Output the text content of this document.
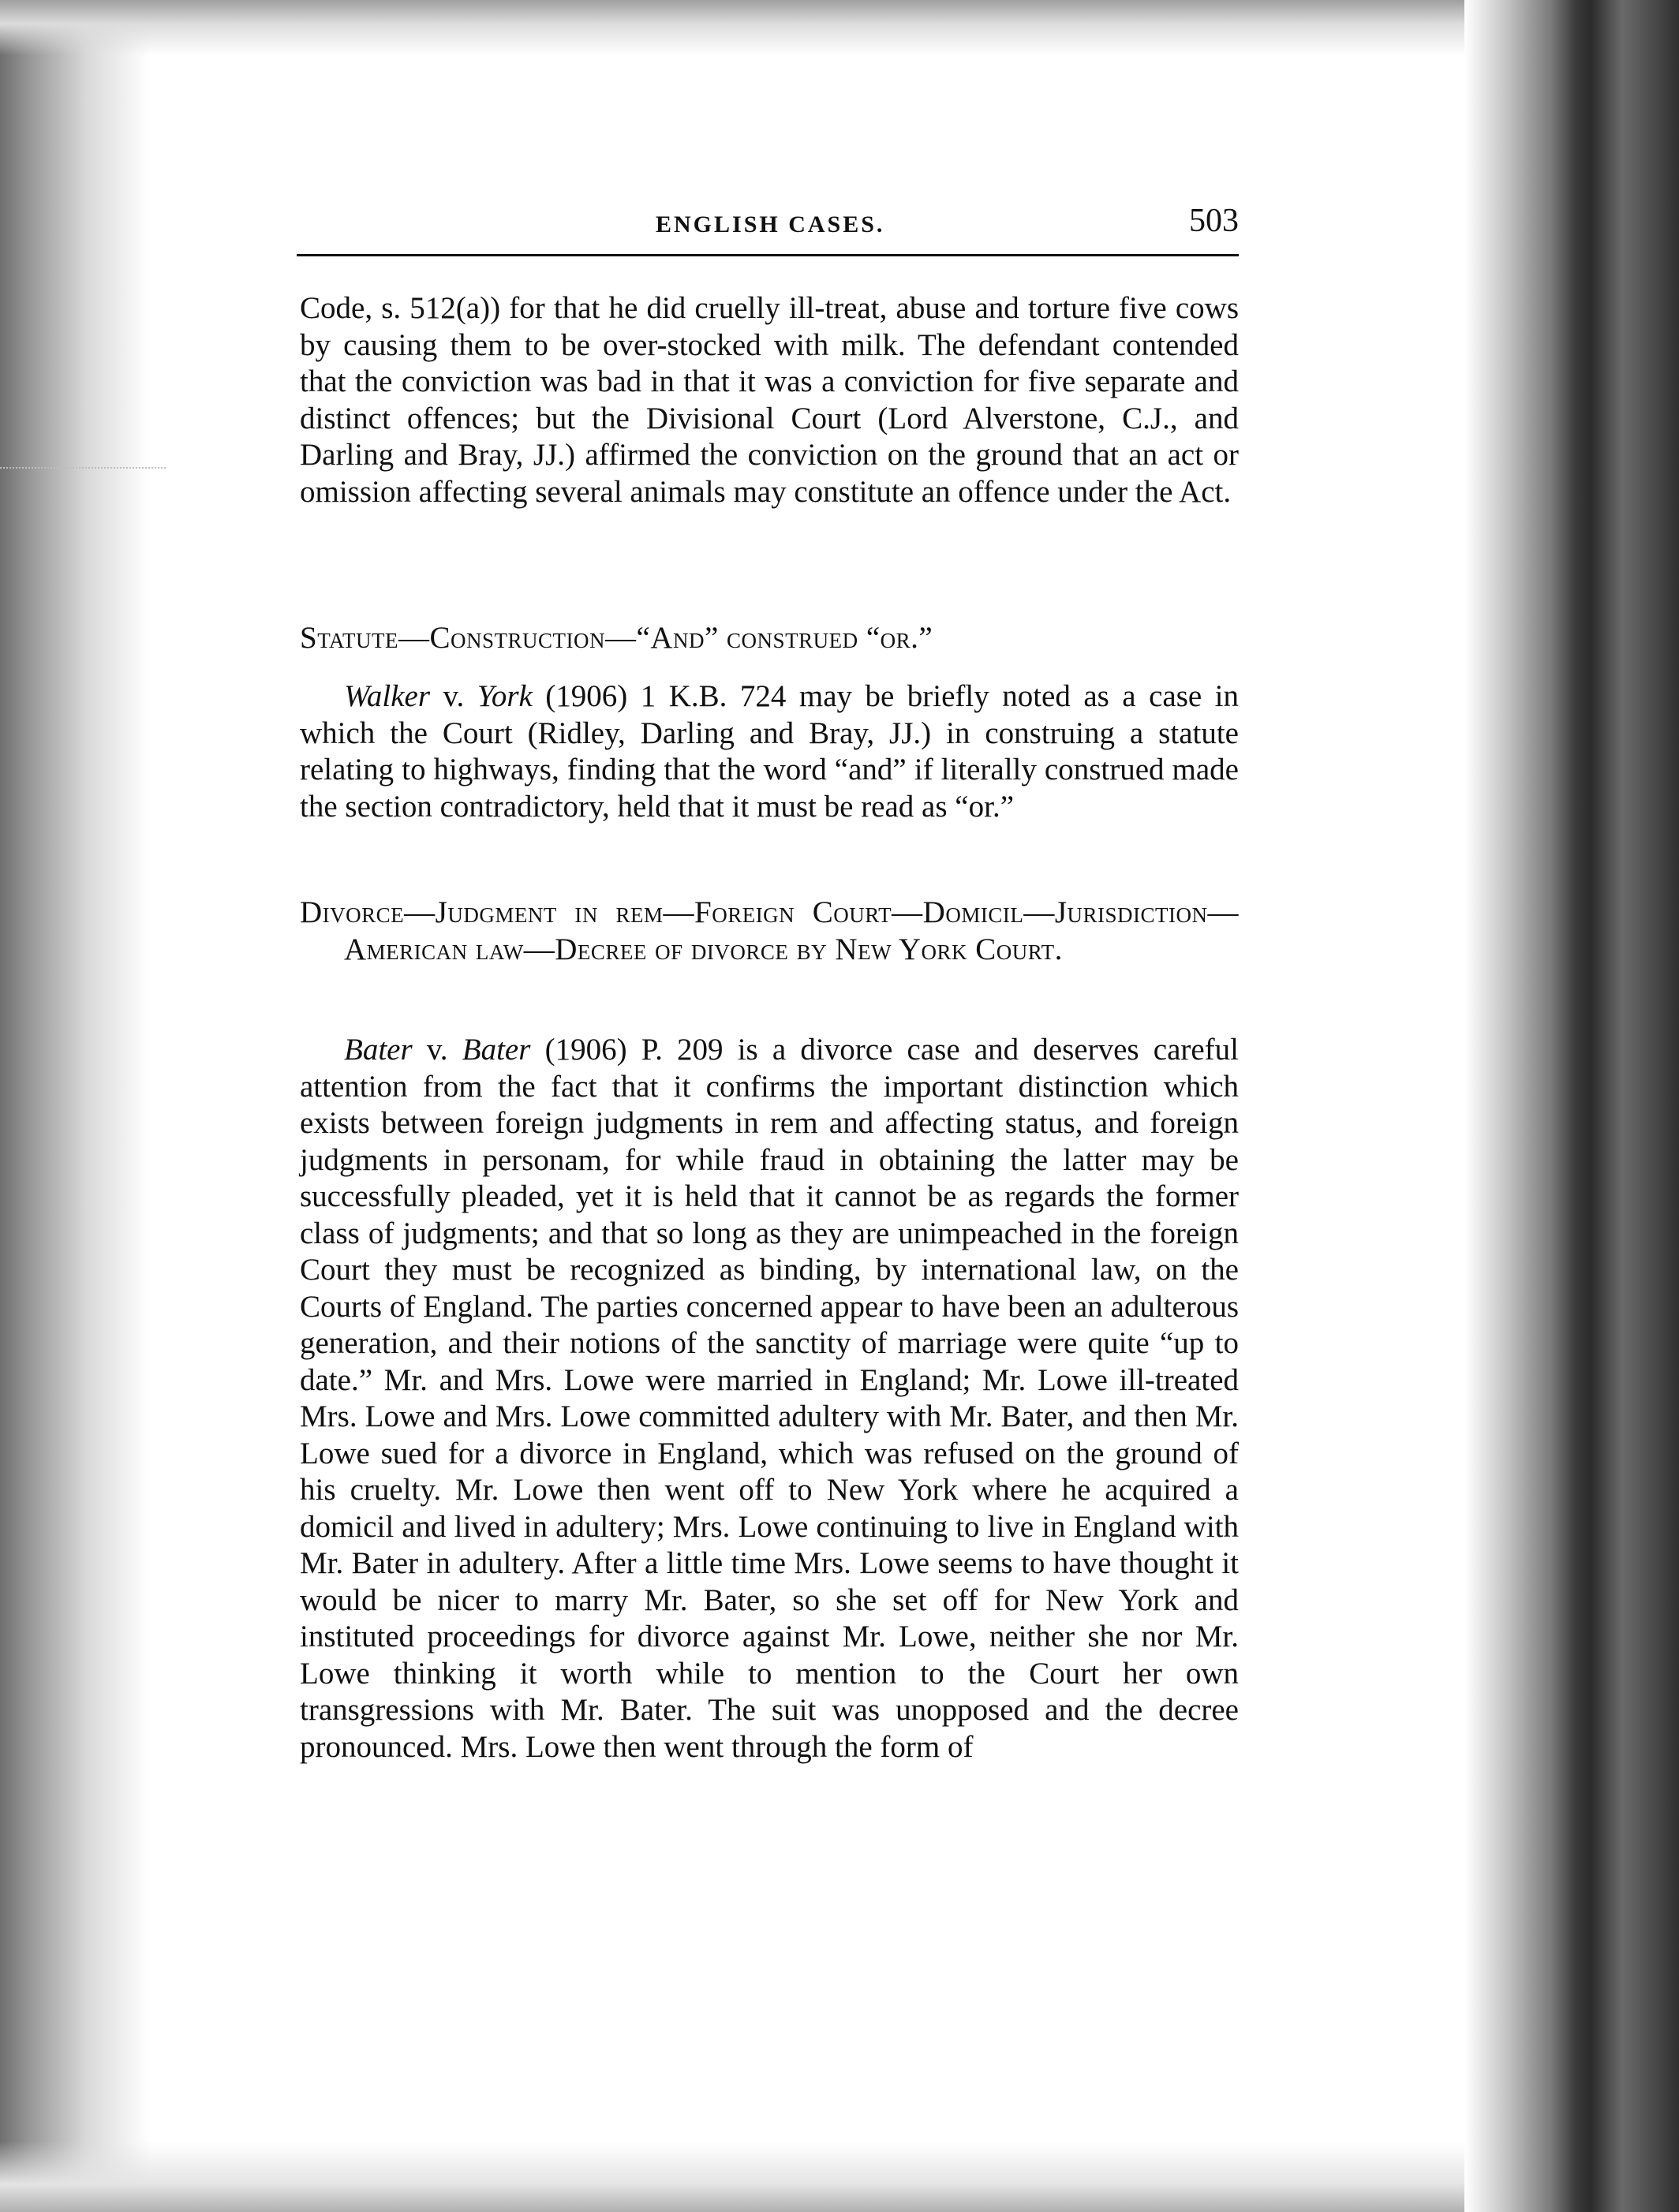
ENGLISH CASES.	503

Code, s. 512(a)) for that he did cruelly ill-treat, abuse and torture five cows by causing them to be over-stocked with milk. The defendant contended that the conviction was bad in that it was a conviction for five separate and distinct offences; but the Divisional Court (Lord Alverstone, C.J., and Darling and Bray, JJ.) affirmed the conviction on the ground that an act or omission affecting several animals may constitute an offence under the Act.

Statute—Construction—“And” construed “or.”

Walker v. York (1906) 1 K.B. 724 may be briefly noted as a case in which the Court (Ridley, Darling and Bray, JJ.) in construing a statute relating to highways, finding that the word “and” if literally construed made the section contradictory, held that it must be read as “or.”

Divorce—Judgment in rem—Foreign Court—Domicil—Jurisdiction—American law—Decree of divorce by New York Court.

Bater v. Bater (1906) P. 209 is a divorce case and deserves careful attention from the fact that it confirms the important distinction which exists between foreign judgments in rem and affecting status, and foreign judgments in personam, for while fraud in obtaining the latter may be successfully pleaded, yet it is held that it cannot be as regards the former class of judgments; and that so long as they are unimpeached in the foreign Court they must be recognized as binding, by international law, on the Courts of England. The parties concerned appear to have been an adulterous generation, and their notions of the sanctity of marriage were quite “up to date.” Mr. and Mrs. Lowe were married in England; Mr. Lowe ill-treated Mrs. Lowe and Mrs. Lowe committed adultery with Mr. Bater, and then Mr. Lowe sued for a divorce in England, which was refused on the ground of his cruelty. Mr. Lowe then went off to New York where he acquired a domicil and lived in adultery; Mrs. Lowe continuing to live in England with Mr. Bater in adultery. After a little time Mrs. Lowe seems to have thought it would be nicer to marry Mr. Bater, so she set off for New York and instituted proceedings for divorce against Mr. Lowe, neither she nor Mr. Lowe thinking it worth while to mention to the Court her own transgressions with Mr. Bater. The suit was unopposed and the decree pronounced. Mrs. Lowe then went through the form of
